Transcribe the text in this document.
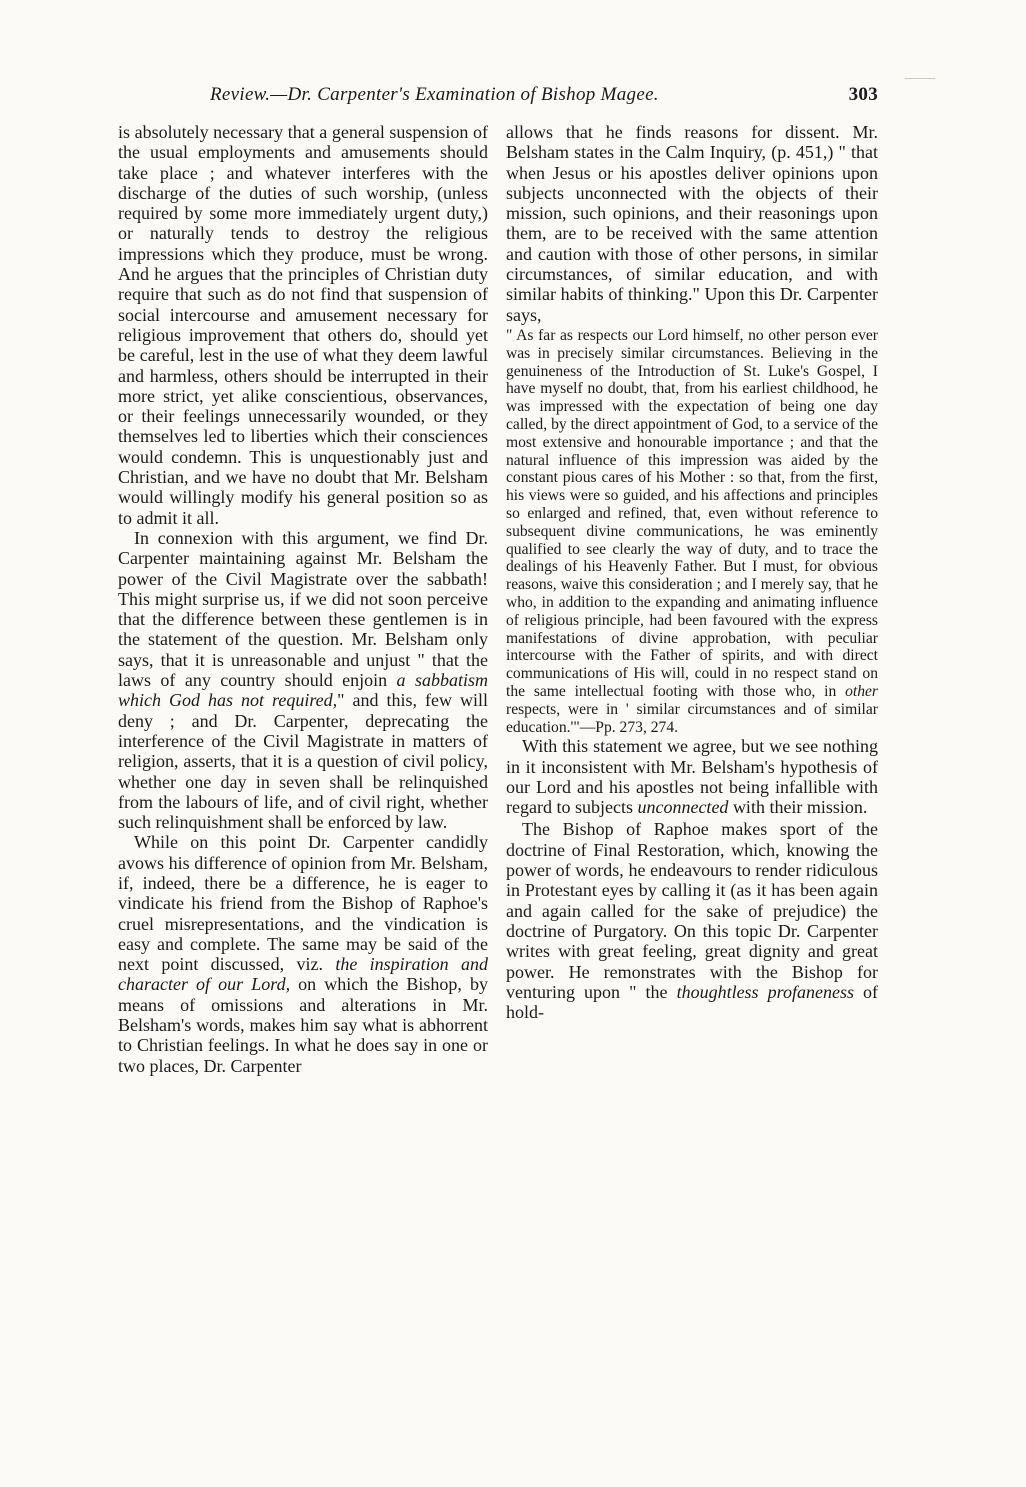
Review.—Dr. Carpenter's Examination of Bishop Magee.	303

is absolutely necessary that a general suspension of the usual employments and amusements should take place ; and whatever interferes with the discharge of the duties of such worship, (unless required by some more immediately urgent duty,) or naturally tends to destroy the religious impressions which they produce, must be wrong. And he argues that the principles of Christian duty require that such as do not find that suspension of social intercourse and amusement necessary for religious improvement that others do, should yet be careful, lest in the use of what they deem lawful and harmless, others should be interrupted in their more strict, yet alike conscientious, observances, or their feelings unnecessarily wounded, or they themselves led to liberties which their consciences would condemn. This is unquestionably just and Christian, and we have no doubt that Mr. Belsham would willingly modify his general position so as to admit it all.

In connexion with this argument, we find Dr. Carpenter maintaining against Mr. Belsham the power of the Civil Magistrate over the sabbath! This might surprise us, if we did not soon perceive that the difference between these gentlemen is in the statement of the question. Mr. Belsham only says, that it is unreasonable and unjust " that the laws of any country should enjoin a sabbatism which God has not required," and this, few will deny ; and Dr. Carpenter, deprecating the interference of the Civil Magistrate in matters of religion, asserts, that it is a question of civil policy, whether one day in seven shall be relinquished from the labours of life, and of civil right, whether such relinquishment shall be enforced by law.

While on this point Dr. Carpenter candidly avows his difference of opinion from Mr. Belsham, if, indeed, there be a difference, he is eager to vindicate his friend from the Bishop of Raphoe's cruel misrepresentations, and the vindication is easy and complete. The same may be said of the next point discussed, viz. the inspiration and character of our Lord, on which the Bishop, by means of omissions and alterations in Mr. Belsham's words, makes him say what is abhorrent to Christian feelings. In what he does say in one or two places, Dr. Carpenter

allows that he finds reasons for dissent. Mr. Belsham states in the Calm Inquiry, (p. 451,) " that when Jesus or his apostles deliver opinions upon subjects unconnected with the objects of their mission, such opinions, and their reasonings upon them, are to be received with the same attention and caution with those of other persons, in similar circumstances, of similar education, and with similar habits of thinking." Upon this Dr. Carpenter says,

" As far as respects our Lord himself, no other person ever was in precisely similar circumstances. Believing in the genuineness of the Introduction of St. Luke's Gospel, I have myself no doubt, that, from his earliest childhood, he was impressed with the expectation of being one day called, by the direct appointment of God, to a service of the most extensive and honourable importance ; and that the natural influence of this impression was aided by the constant pious cares of his Mother : so that, from the first, his views were so guided, and his affections and principles so enlarged and refined, that, even without reference to subsequent divine communications, he was eminently qualified to see clearly the way of duty, and to trace the dealings of his Heavenly Father. But I must, for obvious reasons, waive this consideration ; and I merely say, that he who, in addition to the expanding and animating influence of religious principle, had been favoured with the express manifestations of divine approbation, with peculiar intercourse with the Father of spirits, and with direct communications of His will, could in no respect stand on the same intellectual footing with those who, in other respects, were in ' similar circumstances and of similar education.'"—Pp. 273, 274.

With this statement we agree, but we see nothing in it inconsistent with Mr. Belsham's hypothesis of our Lord and his apostles not being infallible with regard to subjects unconnected with their mission.

The Bishop of Raphoe makes sport of the doctrine of Final Restoration, which, knowing the power of words, he endeavours to render ridiculous in Protestant eyes by calling it (as it has been again and again called for the sake of prejudice) the doctrine of Purgatory. On this topic Dr. Carpenter writes with great feeling, great dignity and great power. He remonstrates with the Bishop for venturing upon " the thoughtless profaneness of hold-
